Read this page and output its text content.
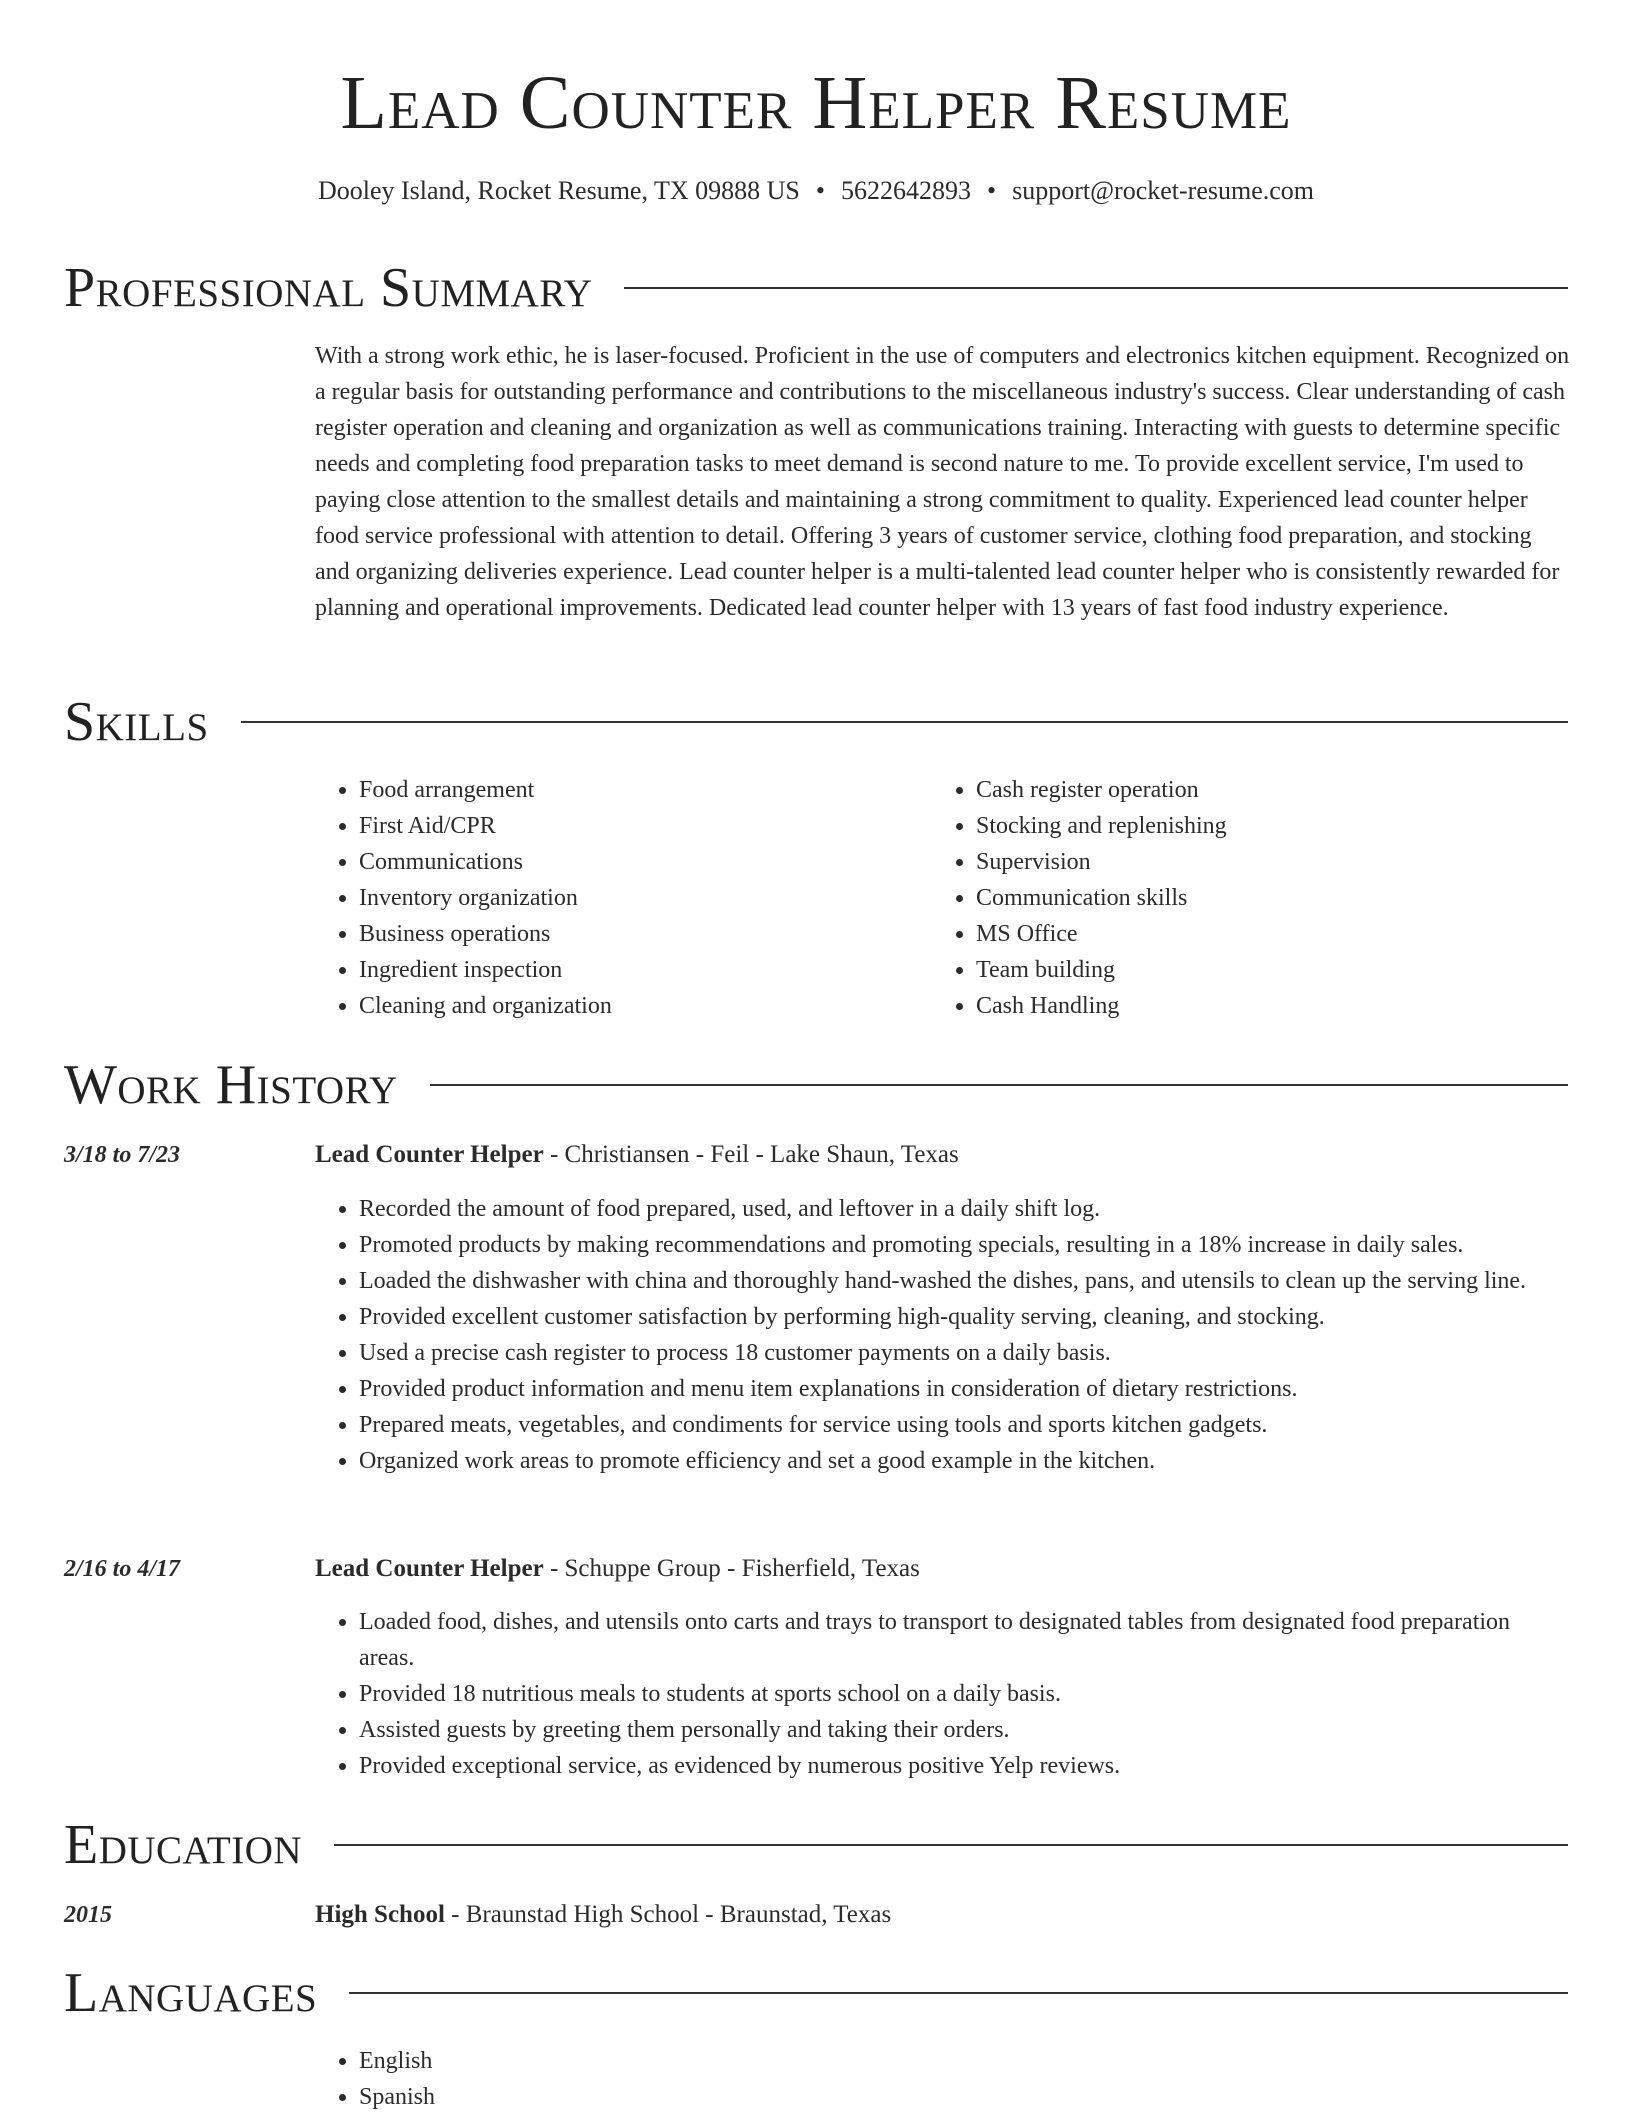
Lead Counter Helper Resume
Dooley Island, Rocket Resume, TX 09888 US • 5622642893 • support@rocket-resume.com
Professional Summary

With a strong work ethic, he is laser-focused. Proficient in the use of computers and electronics kitchen equipment. Recognized on a regular basis for outstanding performance and contributions to the miscellaneous industry's success. Clear understanding of cash register operation and cleaning and organization as well as communications training. Interacting with guests to determine specific needs and completing food preparation tasks to meet demand is second nature to me. To provide excellent service, I'm used to paying close attention to the smallest details and maintaining a strong commitment to quality. Experienced lead counter helper food service professional with attention to detail. Offering 3 years of customer service, clothing food preparation, and stocking and organizing deliveries experience. Lead counter helper is a multi-talented lead counter helper who is consistently rewarded for planning and operational improvements. Dedicated lead counter helper with 13 years of fast food industry experience.

Skills
• Food arrangement
• First Aid/CPR
• Communications
• Inventory organization
• Business operations
• Ingredient inspection
• Cleaning and organization
• Cash register operation
• Stocking and replenishing
• Supervision
• Communication skills
• MS Office
• Team building
• Cash Handling
Work History
3/18 to 7/23	Lead Counter Helper - Christiansen - Feil - Lake Shaun, Texas
• Recorded the amount of food prepared, used, and leftover in a daily shift log.
• Promoted products by making recommendations and promoting specials, resulting in a 18% increase in daily sales.
• Loaded the dishwasher with china and thoroughly hand-washed the dishes, pans, and utensils to clean up the serving line.
• Provided excellent customer satisfaction by performing high-quality serving, cleaning, and stocking.
• Used a precise cash register to process 18 customer payments on a daily basis.
• Provided product information and menu item explanations in consideration of dietary restrictions.
• Prepared meats, vegetables, and condiments for service using tools and sports kitchen gadgets.
• Organized work areas to promote efficiency and set a good example in the kitchen.
2/16 to 4/17	Lead Counter Helper - Schuppe Group - Fisherfield, Texas
• Loaded food, dishes, and utensils onto carts and trays to transport to designated tables from designated food preparation areas.
• Provided 18 nutritious meals to students at sports school on a daily basis.
• Assisted guests by greeting them personally and taking their orders.
• Provided exceptional service, as evidenced by numerous positive Yelp reviews.
Education
2015	High School - Braunstad High School - Braunstad, Texas
Languages
• English
• Spanish
